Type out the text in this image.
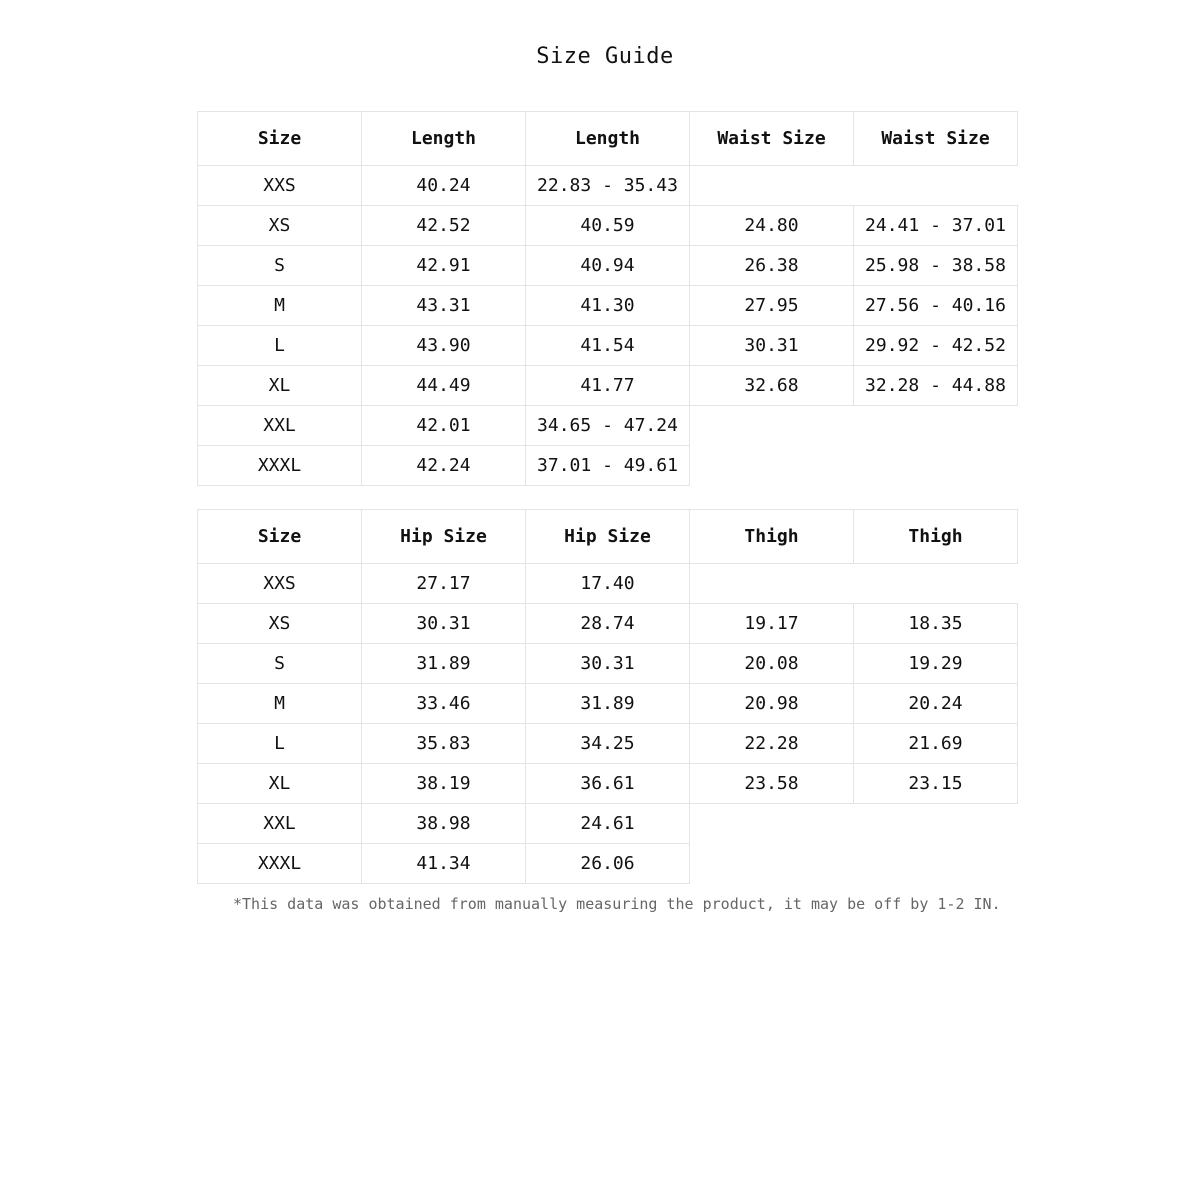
Size Guide
Size	Length	Length	Waist Size	Waist Size
XXS	40.24	22.83 - 35.43		
XS	42.52	40.59	24.80	24.41 - 37.01
S	42.91	40.94	26.38	25.98 - 38.58
M	43.31	41.30	27.95	27.56 - 40.16
L	43.90	41.54	30.31	29.92 - 42.52
XL	44.49	41.77	32.68	32.28 - 44.88
XXL	42.01	34.65 - 47.24		
XXXL	42.24	37.01 - 49.61		
Size	Hip Size	Hip Size	Thigh	Thigh
XXS	27.17	17.40		
XS	30.31	28.74	19.17	18.35
S	31.89	30.31	20.08	19.29
M	33.46	31.89	20.98	20.24
L	35.83	34.25	22.28	21.69
XL	38.19	36.61	23.58	23.15
XXL	38.98	24.61		
XXXL	41.34	26.06		
*This data was obtained from manually measuring the product, it may be off by 1-2 IN.
